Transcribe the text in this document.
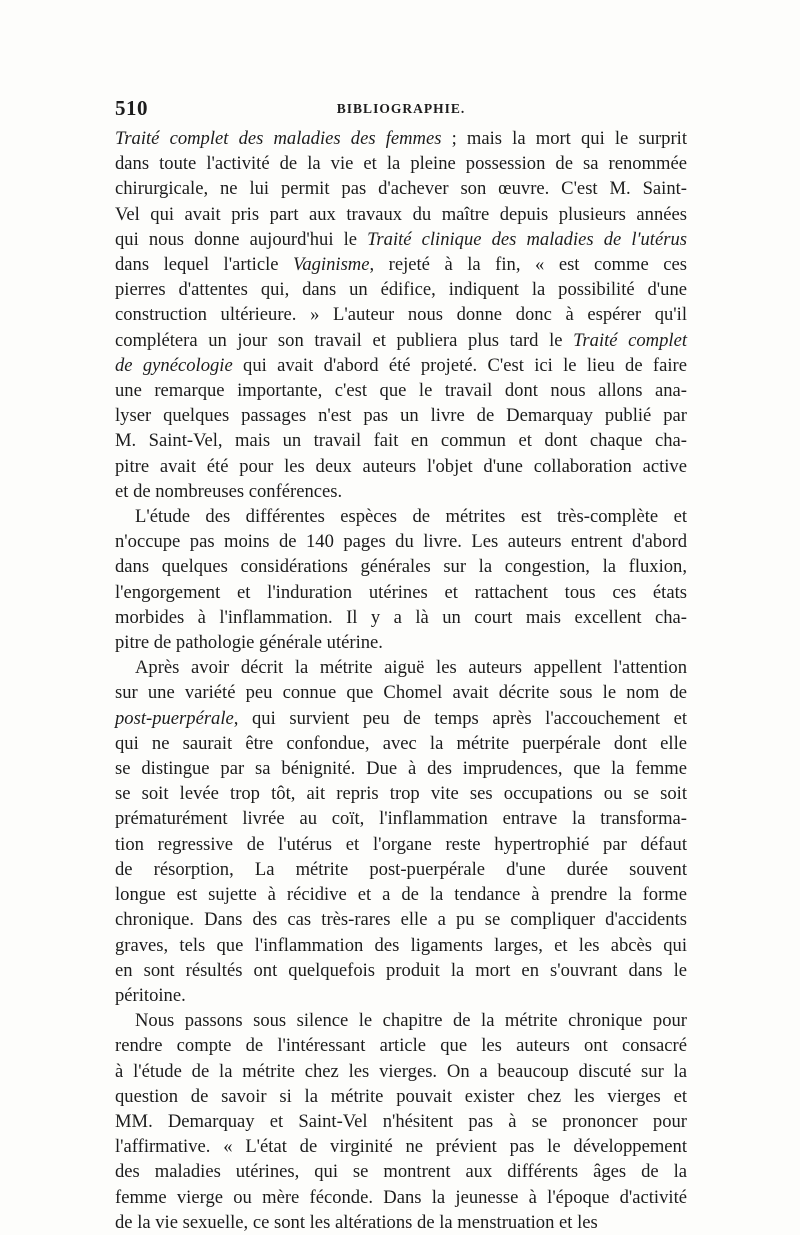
510	BIBLIOGRAPHIE.
Traité complet des maladies des femmes ; mais la mort qui le surprit
dans toute l'activité de la vie et la pleine possession de sa renommée
chirurgicale, ne lui permit pas d'achever son œuvre. C'est M. Saint-
Vel qui avait pris part aux travaux du maître depuis plusieurs années
qui nous donne aujourd'hui le Traité clinique des maladies de l'utérus
dans lequel l'article Vaginisme, rejeté à la fin, « est comme ces
pierres d'attentes qui, dans un édifice, indiquent la possibilité d'une
construction ultérieure. » L'auteur nous donne donc à espérer qu'il
complétera un jour son travail et publiera plus tard le Traité complet
de gynécologie qui avait d'abord été projeté. C'est ici le lieu de faire
une remarque importante, c'est que le travail dont nous allons ana-
lyser quelques passages n'est pas un livre de Demarquay publié par
M. Saint-Vel, mais un travail fait en commun et dont chaque cha-
pitre avait été pour les deux auteurs l'objet d'une collaboration active
et de nombreuses conférences.
L'étude des différentes espèces de métrites est très-complète et
n'occupe pas moins de 140 pages du livre. Les auteurs entrent d'abord
dans quelques considérations générales sur la congestion, la fluxion,
l'engorgement et l'induration utérines et rattachent tous ces états
morbides à l'inflammation. Il y a là un court mais excellent cha-
pitre de pathologie générale utérine.
Après avoir décrit la métrite aiguë les auteurs appellent l'attention
sur une variété peu connue que Chomel avait décrite sous le nom de
post-puerpérale, qui survient peu de temps après l'accouchement et
qui ne saurait être confondue, avec la métrite puerpérale dont elle
se distingue par sa bénignité. Due à des imprudences, que la femme
se soit levée trop tôt, ait repris trop vite ses occupations ou se soit
prématurément livrée au coït, l'inflammation entrave la transforma-
tion regressive de l'utérus et l'organe reste hypertrophié par défaut
de résorption, La métrite post-puerpérale d'une durée souvent
longue est sujette à récidive et a de la tendance à prendre la forme
chronique. Dans des cas très-rares elle a pu se compliquer d'accidents
graves, tels que l'inflammation des ligaments larges, et les abcès qui
en sont résultés ont quelquefois produit la mort en s'ouvrant dans le
péritoine.
Nous passons sous silence le chapitre de la métrite chronique pour
rendre compte de l'intéressant article que les auteurs ont consacré
à l'étude de la métrite chez les vierges. On a beaucoup discuté sur la
question de savoir si la métrite pouvait exister chez les vierges et
MM. Demarquay et Saint-Vel n'hésitent pas à se prononcer pour
l'affirmative. « L'état de virginité ne prévient pas le développement
des maladies utérines, qui se montrent aux différents âges de la
femme vierge ou mère féconde. Dans la jeunesse à l'époque d'activité
de la vie sexuelle, ce sont les altérations de la menstruation et les
